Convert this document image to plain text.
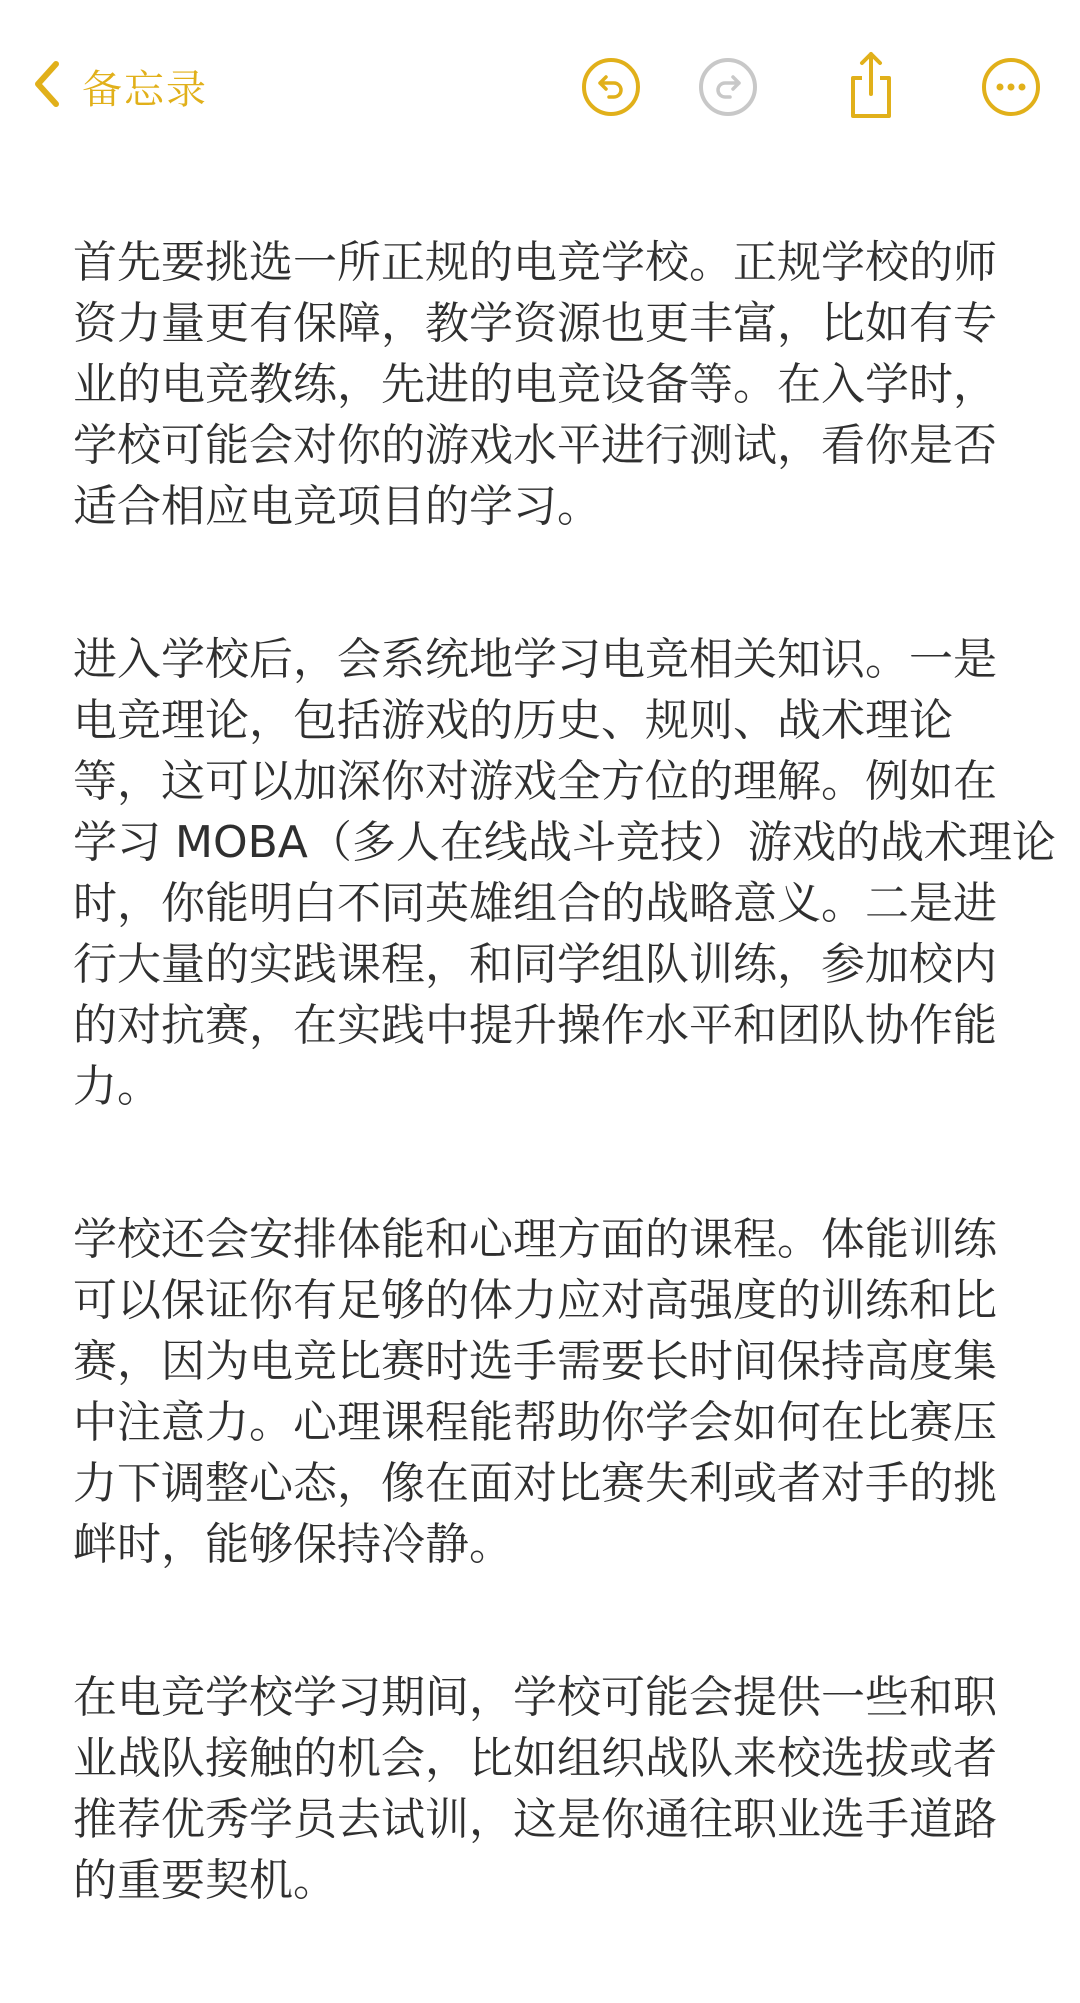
备忘录
首先要挑选一所正规的电竞学校。正规学校的师
资力量更有保障，教学资源也更丰富，比如有专
业的电竞教练，先进的电竞设备等。在入学时，
学校可能会对你的游戏水平进行测试，看你是否
适合相应电竞项目的学习。
进入学校后，会系统地学习电竞相关知识。一是
电竞理论，包括游戏的历史、规则、战术理论
等，这可以加深你对游戏全方位的理解。例如在
学习 MOBA（多人在线战斗竞技）游戏的战术理论
时，你能明白不同英雄组合的战略意义。二是进
行大量的实践课程，和同学组队训练，参加校内
的对抗赛，在实践中提升操作水平和团队协作能
力。
学校还会安排体能和心理方面的课程。体能训练
可以保证你有足够的体力应对高强度的训练和比
赛，因为电竞比赛时选手需要长时间保持高度集
中注意力。心理课程能帮助你学会如何在比赛压
力下调整心态，像在面对比赛失利或者对手的挑
衅时，能够保持冷静。
在电竞学校学习期间，学校可能会提供一些和职
业战队接触的机会，比如组织战队来校选拔或者
推荐优秀学员去试训，这是你通往职业选手道路
的重要契机。
